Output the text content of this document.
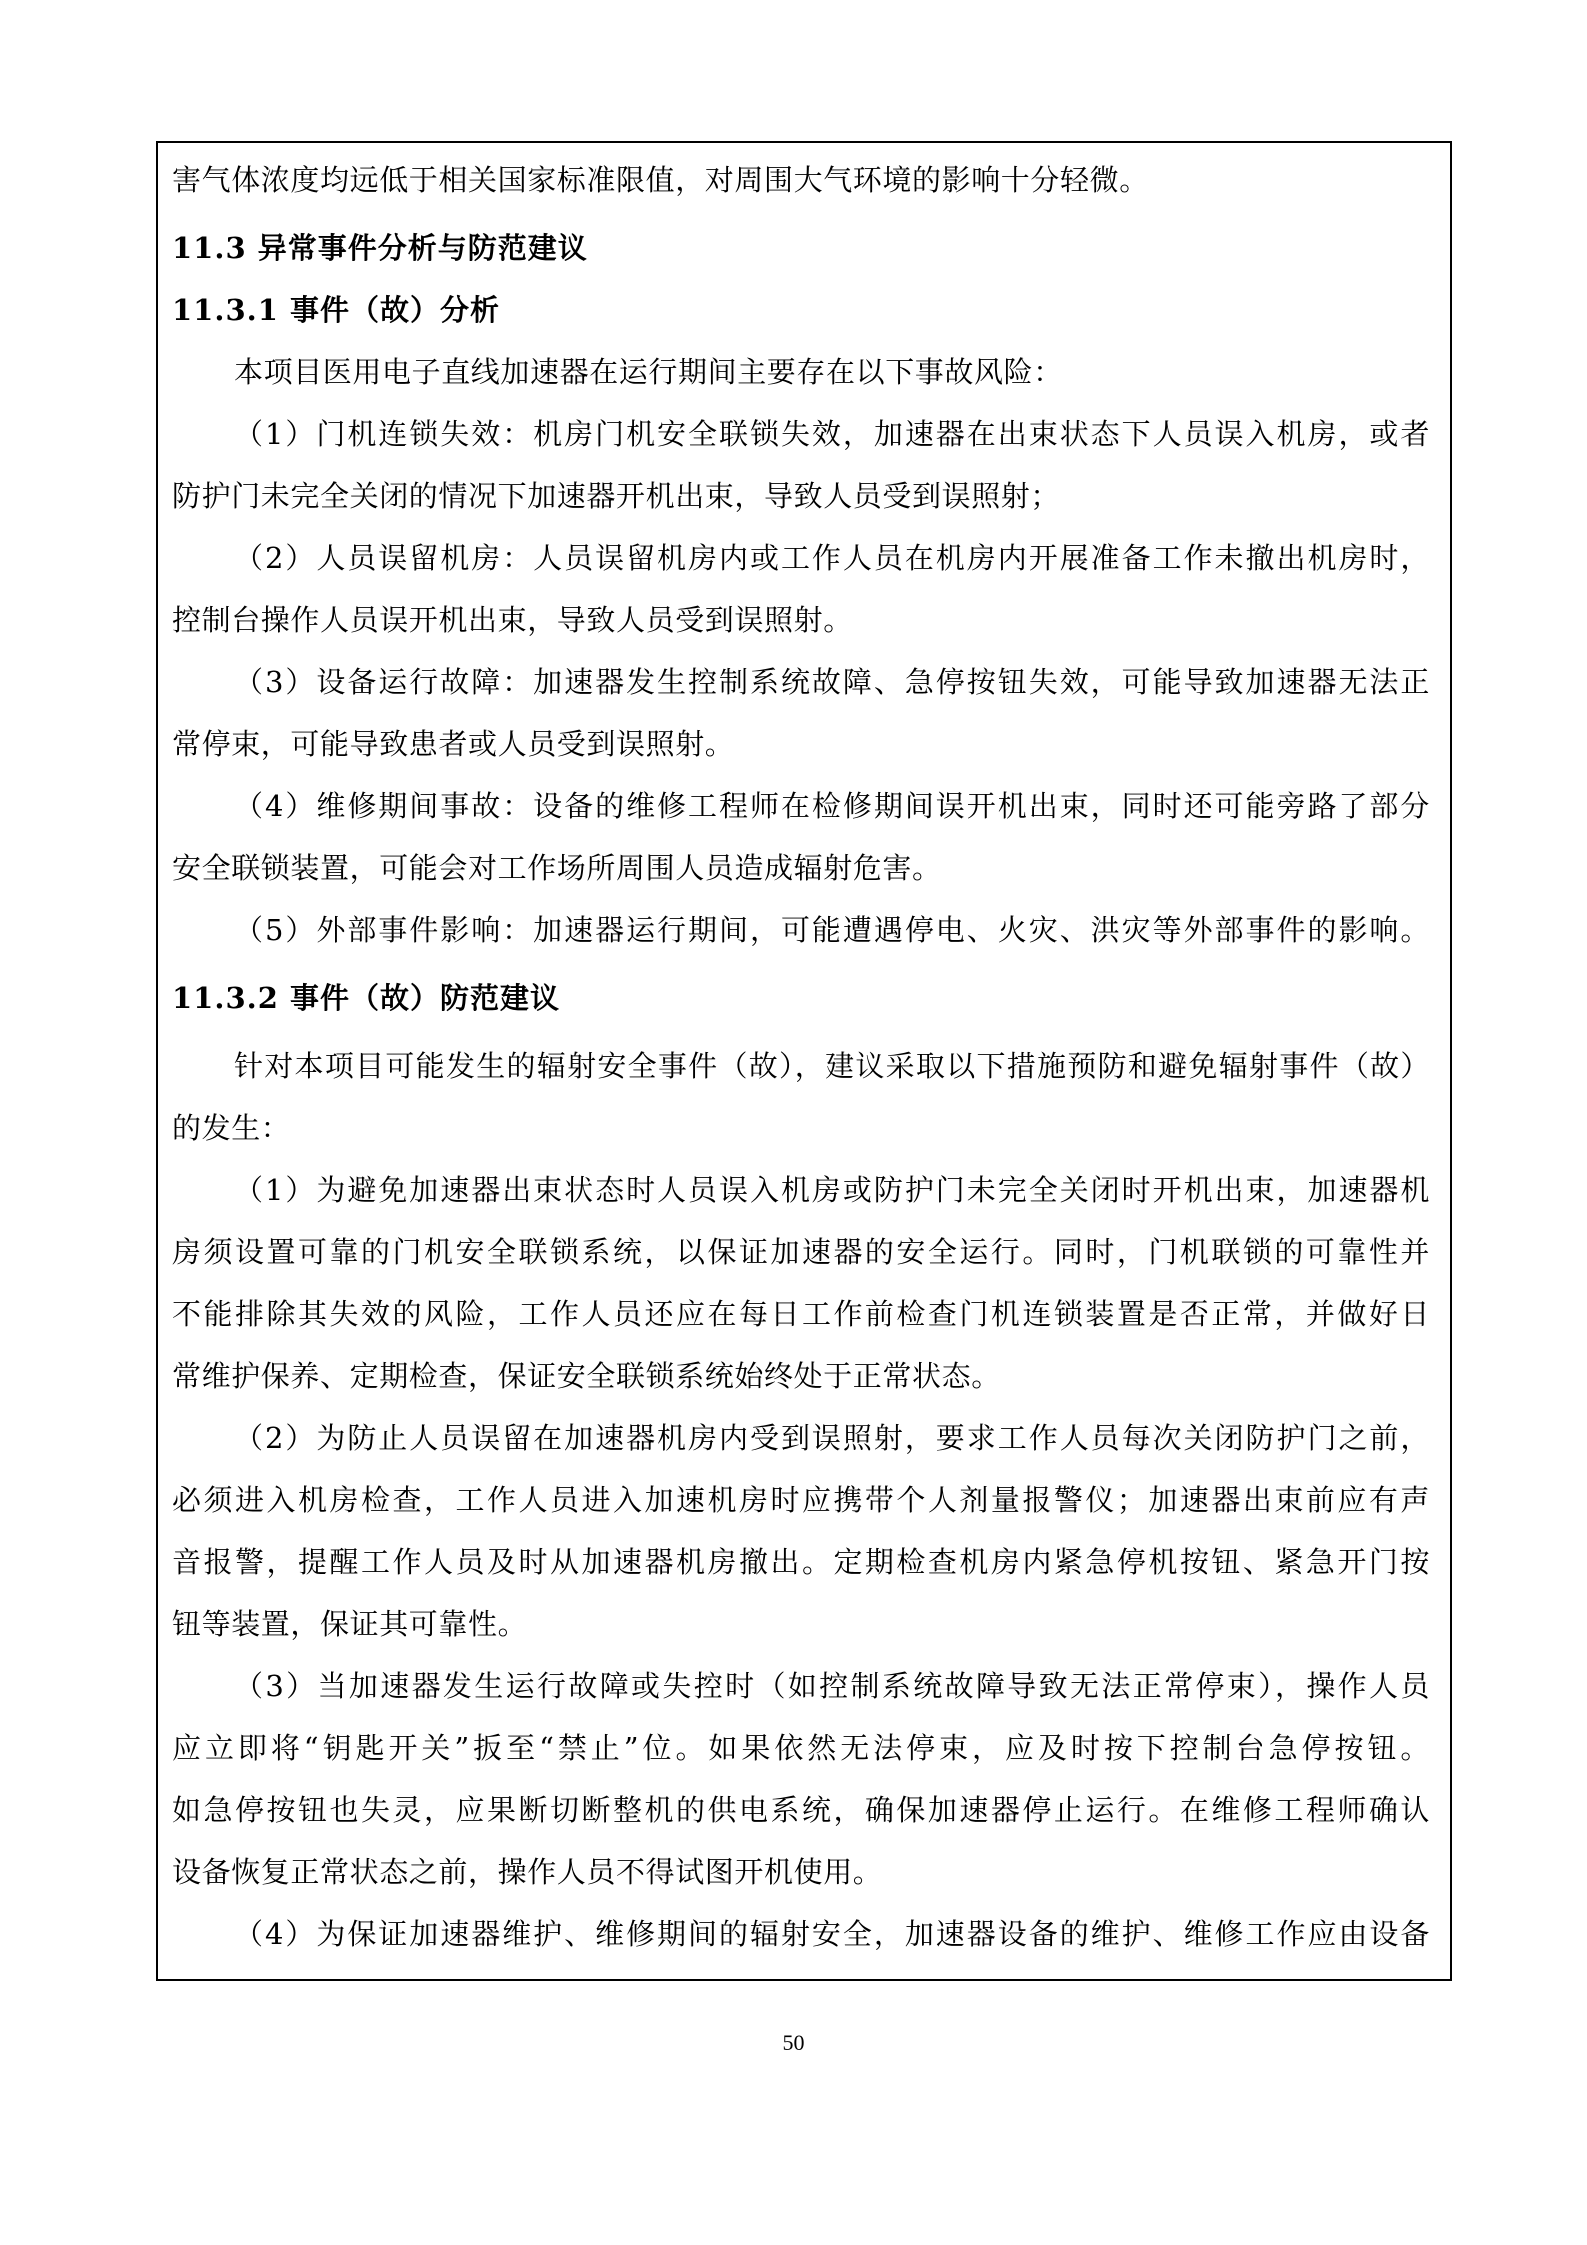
害气体浓度均远低于相关国家标准限值，对周围大气环境的影响十分轻微。
11.3 异常事件分析与防范建议
11.3.1 事件（故）分析
本项目医用电子直线加速器在运行期间主要存在以下事故风险：
（1）门机连锁失效：机房门机安全联锁失效，加速器在出束状态下人员误入机房，或者
防护门未完全关闭的情况下加速器开机出束，导致人员受到误照射；
（2）人员误留机房：人员误留机房内或工作人员在机房内开展准备工作未撤出机房时，
控制台操作人员误开机出束，导致人员受到误照射。
（3）设备运行故障：加速器发生控制系统故障、急停按钮失效，可能导致加速器无法正
常停束，可能导致患者或人员受到误照射。
（4）维修期间事故：设备的维修工程师在检修期间误开机出束，同时还可能旁路了部分
安全联锁装置，可能会对工作场所周围人员造成辐射危害。
（5）外部事件影响：加速器运行期间，可能遭遇停电、火灾、洪灾等外部事件的影响。
11.3.2 事件（故）防范建议
针对本项目可能发生的辐射安全事件（故），建议采取以下措施预防和避免辐射事件（故）
的发生：
（1）为避免加速器出束状态时人员误入机房或防护门未完全关闭时开机出束，加速器机
房须设置可靠的门机安全联锁系统，以保证加速器的安全运行。同时，门机联锁的可靠性并
不能排除其失效的风险，工作人员还应在每日工作前检查门机连锁装置是否正常，并做好日
常维护保养、定期检查，保证安全联锁系统始终处于正常状态。
（2）为防止人员误留在加速器机房内受到误照射，要求工作人员每次关闭防护门之前，
必须进入机房检查，工作人员进入加速机房时应携带个人剂量报警仪；加速器出束前应有声
音报警，提醒工作人员及时从加速器机房撤出。定期检查机房内紧急停机按钮、紧急开门按
钮等装置，保证其可靠性。
（3）当加速器发生运行故障或失控时（如控制系统故障导致无法正常停束），操作人员
应立即将“钥匙开关”扳至“禁止”位。如果依然无法停束，应及时按下控制台急停按钮。
如急停按钮也失灵，应果断切断整机的供电系统，确保加速器停止运行。在维修工程师确认
设备恢复正常状态之前，操作人员不得试图开机使用。
（4）为保证加速器维护、维修期间的辐射安全，加速器设备的维护、维修工作应由设备
50
